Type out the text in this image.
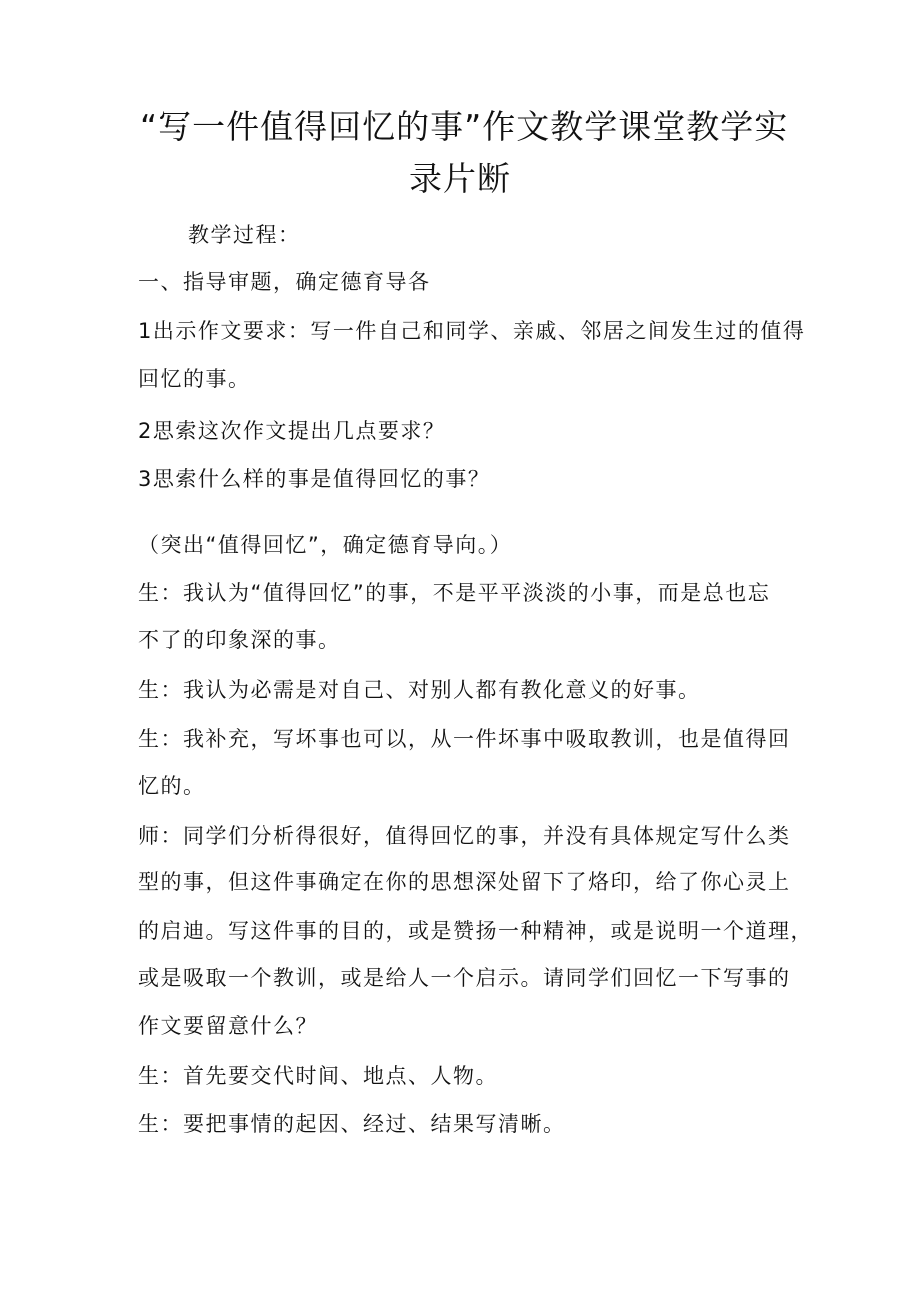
“写一件值得回忆的事”作文教学课堂教学实
录片断
教学过程：
一、指导审题，确定德育导各
1出示作文要求：写一件自己和同学、亲戚、邻居之间发生过的值得
回忆的事。
2思索这次作文提出几点要求？
3思索什么样的事是值得回忆的事？
（突出“值得回忆”，确定德育导向。）
生：我认为“值得回忆”的事，不是平平淡淡的小事，而是总也忘
不了的印象深的事。
生：我认为必需是对自己、对别人都有教化意义的好事。
生：我补充，写坏事也可以，从一件坏事中吸取教训，也是值得回
忆的。
师：同学们分析得很好，值得回忆的事，并没有具体规定写什么类
型的事，但这件事确定在你的思想深处留下了烙印，给了你心灵上
的启迪。写这件事的目的，或是赞扬一种精神，或是说明一个道理，
或是吸取一个教训，或是给人一个启示。请同学们回忆一下写事的
作文要留意什么？
生：首先要交代时间、地点、人物。
生：要把事情的起因、经过、结果写清晰。
